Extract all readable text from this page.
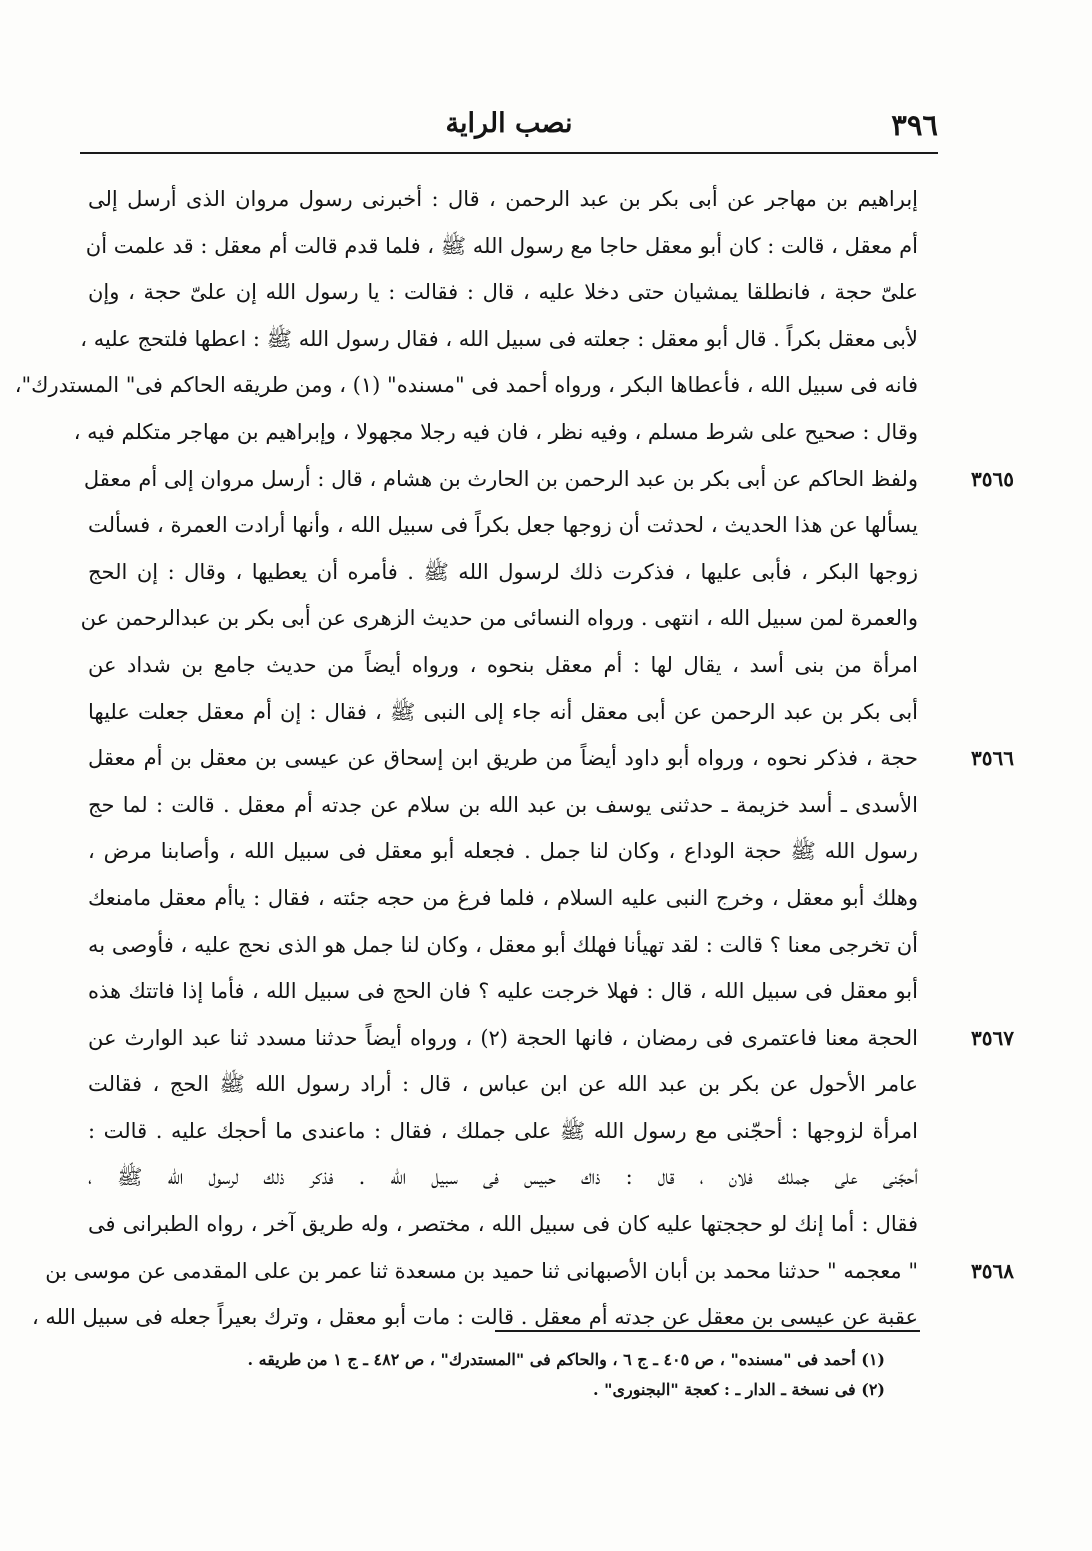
٣٩٦
نصب الراية
إبراهيم بن مهاجر عن أبى بكر بن عبد الرحمن ، قال : أخبرنى رسول مروان الذى أرسل إلى
أم معقل ، قالت : كان أبو معقل حاجا مع رسول الله ﷺ ، فلما قدم قالت أم معقل : قد علمت أن
علىّ حجة ، فانطلقا يمشيان حتى دخلا عليه ، قال : فقالت : يا رسول الله إن علىّ حجة ، وإن
لأبى معقل بكراً . قال أبو معقل : جعلته فى سبيل الله ، فقال رسول الله ﷺ : اعطها فلتحج عليه ،
فانه فى سبيل الله ، فأعطاها البكر ، ورواه أحمد فى "مسنده" (١) ، ومن طريقه الحاكم فى" المستدرك"،
وقال : صحيح على شرط مسلم ، وفيه نظر ، فان فيه رجلا مجهولا ، وإبراهيم بن مهاجر متكلم فيه ،
ولفظ الحاكم عن أبى بكر بن عبد الرحمن بن الحارث بن هشام ، قال : أرسل مروان إلى أم معقل
يسألها عن هذا الحديث ، لحدثت أن زوجها جعل بكراً فى سبيل الله ، وأنها أرادت العمرة ، فسألت
زوجها البكر ، فأبى عليها ، فذكرت ذلك لرسول الله ﷺ . فأمره أن يعطيها ، وقال : إن الحج
والعمرة لمن سبيل الله ، انتهى . ورواه النسائى من حديث الزهرى عن أبى بكر بن عبدالرحمن عن
امرأة من بنى أسد ، يقال لها : أم معقل بنحوه ، ورواه أيضاً من حديث جامع بن شداد عن
أبى بكر بن عبد الرحمن عن أبى معقل أنه جاء إلى النبى ﷺ ، فقال : إن أم معقل جعلت عليها
حجة ، فذكر نحوه ، ورواه أبو داود أيضاً من طريق ابن إسحاق عن عيسى بن معقل بن أم معقل
الأسدى ـ أسد خزيمة ـ حدثنى يوسف بن عبد الله بن سلام عن جدته أم معقل . قالت : لما حج
رسول الله ﷺ حجة الوداع ، وكان لنا جمل . فجعله أبو معقل فى سبيل الله ، وأصابنا مرض ،
وهلك أبو معقل ، وخرج النبى عليه السلام ، فلما فرغ من حجه جئته ، فقال : ياأم معقل مامنعك
أن تخرجى معنا ؟ قالت : لقد تهيأنا فهلك أبو معقل ، وكان لنا جمل هو الذى نحج عليه ، فأوصى به
أبو معقل فى سبيل الله ، قال : فهلا خرجت عليه ؟ فان الحج فى سبيل الله ، فأما إذا فاتتك هذه
الحجة معنا فاعتمرى فى رمضان ، فانها الحجة (٢) ، ورواه أيضاً حدثنا مسدد ثنا عبد الوارث عن
عامر الأحول عن بكر بن عبد الله عن ابن عباس ، قال : أراد رسول الله ﷺ الحج ، فقالت
امرأة لزوجها : أحجّنى مع رسول الله ﷺ على جملك ، فقال : ماعندى ما أحجك عليه . قالت :
أحجّنى على جملك فلان ، قال : ذاك حبيس فى سبيل الله . فذكر ذلك لرسول الله ﷺ ،
فقال : أما إنك لو حججتها عليه كان فى سبيل الله ، مختصر ، وله طريق آخر ، رواه الطبرانى فى
" معجمه " حدثنا محمد بن أبان الأصبهانى ثنا حميد بن مسعدة ثنا عمر بن على المقدمى عن موسى بن
عقبة عن عيسى بن معقل عن جدته أم معقل . قالت : مات أبو معقل ، وترك بعيراً جعله فى سبيل الله ،
٣٥٦٥
٣٥٦٦
٣٥٦٧
٣٥٦٨
(١) أحمد فى "مسنده" ، ص ٤٠٥ ـ ج ٦ ، والحاكم فى "المستدرك" ، ص ٤٨٢ ـ ج ١ من طريقه .
(٢) فى نسخة ـ الدار ـ : كعجة "البجنورى" .
